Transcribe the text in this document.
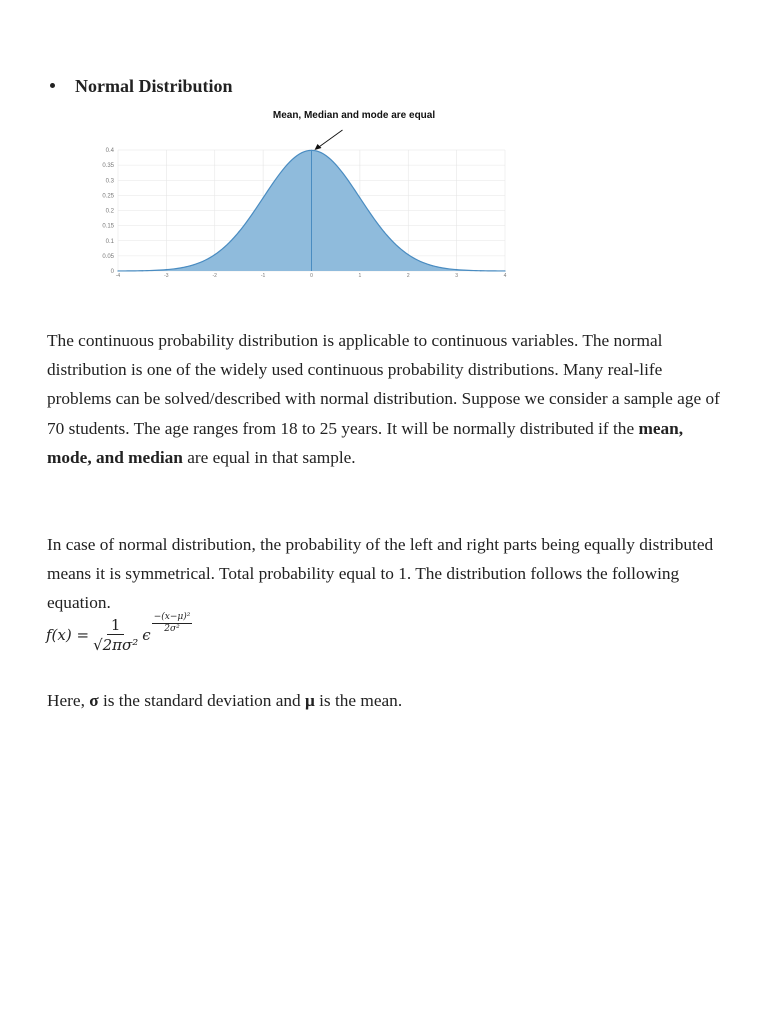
Normal Distribution
Mean, Median and mode are equal
0
0.05
0.1
0.15
0.2
0.25
0.3
0.35
0.4
-4	-3	-2	-1	0	1	2	3	4
The continuous probability distribution is applicable to continuous variables. The normal distribution is one of the widely used continuous probability distributions. Many real-life problems can be solved/described with normal distribution. Suppose we consider a sample age of 70 students. The age ranges from 18 to 25 years. It will be normally distributed if the mean, mode, and median are equal in that sample.
In case of normal distribution, the probability of the left and right parts being equally distributed means it is symmetrical. Total probability equal to 1. The distribution follows the following equation.
$f(x) = \frac{1}{\text{√2πσ²}}$ ϵ
$\frac{\text{−(x−μ)²}}{\text{2σ²}}$
Here, σ is the standard deviation and μ is the mean.
